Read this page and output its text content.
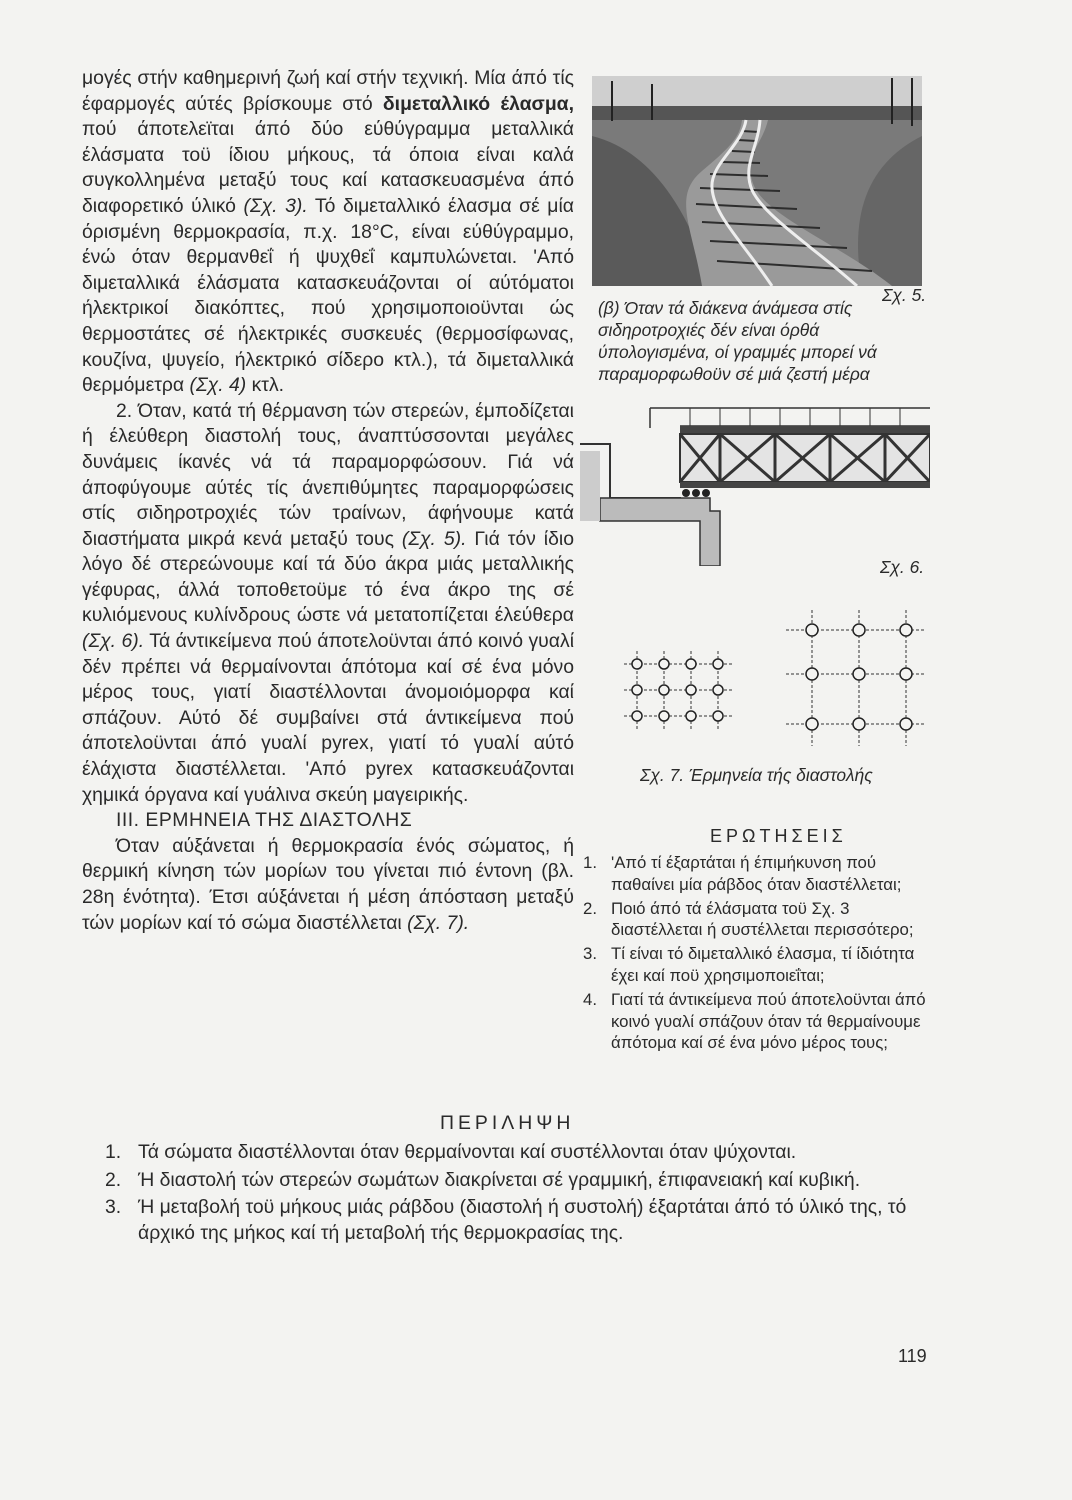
μογές στήν καθημερινή ζωή καί στήν τεχνική. Μία άπό τίς έφαρμογές αύτές βρίσκουμε στό διμεταλλικό έλασμα, πού άποτελεϊται άπό δύο εύθύγραμμα μεταλλικά έλάσματα τοϋ ίδιου μήκους, τά όποια είναι καλά συγκολλημένα μεταξύ τους καί κατασκευασμένα άπό διαφορετικό ύλικό (Σχ. 3). Τό διμεταλλικό έλασμα σέ μία όρισμένη θερμοκρασία, π.χ. 18°C, είναι εύθύγραμμο, ένώ όταν θερμανθεΐ ή ψυχθεΐ καμπυλώνεται. 'Από διμεταλλικά έλάσματα κατασκευάζονται οί αύτόματοι ήλεκτρικοί διακόπτες, πού χρησιμοποιοϋνται ώς θερμοστάτες σέ ήλεκτρικές συσκευές (θερμοσίφωνας, κουζίνα, ψυγείο, ήλεκτρικό σίδερο κτλ.), τά διμεταλλικά θερμόμετρα (Σχ. 4) κτλ.

2. Όταν, κατά τή θέρμανση τών στερεών, έμποδίζεται ή έλεύθερη διαστολή τους, άναπτύσσονται μεγάλες δυνάμεις ίκανές νά τά παραμορφώσουν. Γιά νά άποφύγουμε αύτές τίς άνεπιθύμητες παραμορφώσεις στίς σιδηροτροχιές τών τραίνων, άφήνουμε κατά διαστήματα μικρά κενά μεταξύ τους (Σχ. 5). Γιά τόν ίδιο λόγο δέ στερεώνουμε καί τά δύο άκρα μιάς μεταλλικής γέφυρας, άλλά τοποθετοϋμε τό ένα άκρο της σέ κυλιόμενους κυλίνδρους ώστε νά μετατοπίζεται έλεύθερα (Σχ. 6). Τά άντικείμενα πού άποτελοϋνται άπό κοινό γυαλί δέν πρέπει νά θερμαίνονται άπότομα καί σέ ένα μόνο μέρος τους, γιατί διαστέλλονται άνομοιόμορφα καί σπάζουν. Αύτό δέ συμβαίνει στά άντικείμενα πού άποτελοϋνται άπό γυαλί pyrex, γιατί τό γυαλί αύτό έλάχιστα διαστέλλεται. 'Από pyrex κατασκευάζονται χημικά όργανα καί γυάλινα σκεύη μαγειρικής.

III. ΕΡΜΗΝΕΙΑ ΤΗΣ ΔΙΑΣΤΟΛΗΣ

Όταν αύξάνεται ή θερμοκρασία ένός σώματος, ή θερμική κίνηση τών μορίων του γίνεται πιό έντονη (βλ. 28η ένότητα). Έτσι αύξάνεται ή μέση άπόσταση μεταξύ τών μορίων καί τό σώμα διαστέλλεται (Σχ. 7).

Σχ. 5.
(β) Όταν τά διάκενα άνάμεσα στίς σιδηροτροχιές δέν είναι όρθά ύπολογισμένα, οί γραμμές μπορεί νά παραμορφωθοϋν σέ μιά ζεστή μέρα
Σχ. 6.
Σχ. 7. Έρμηνεία τής διαστολής
ΕΡΩΤΗΣΕΙΣ
1. 'Από τί έξαρτάται ή έπιμήκυνση πού παθαίνει μία ράβδος όταν διαστέλλεται;
2. Ποιό άπό τά έλάσματα τοϋ Σχ. 3 διαστέλλεται ή συστέλλεται περισσότερο;
3. Τί είναι τό διμεταλλικό έλασμα, τί ίδιότητα έχει καί ποϋ χρησιμοποιεΐται;
4. Γιατί τά άντικείμενα πού άποτελοϋνται άπό κοινό γυαλί σπάζουν όταν τά θερμαίνουμε άπότομα καί σέ ένα μόνο μέρος τους;
ΠΕΡΙΛΗΨΗ
1. Τά σώματα διαστέλλονται όταν θερμαίνονται καί συστέλλονται όταν ψύχονται.
2. Ή διαστολή τών στερεών σωμάτων διακρίνεται σέ γραμμική, έπιφανειακή καί κυβική.
3. Ή μεταβολή τοϋ μήκους μιάς ράβδου (διαστολή ή συστολή) έξαρτάται άπό τό ύλικό της, τό άρχικό της μήκος καί τή μεταβολή τής θερμοκρασίας της.
119
